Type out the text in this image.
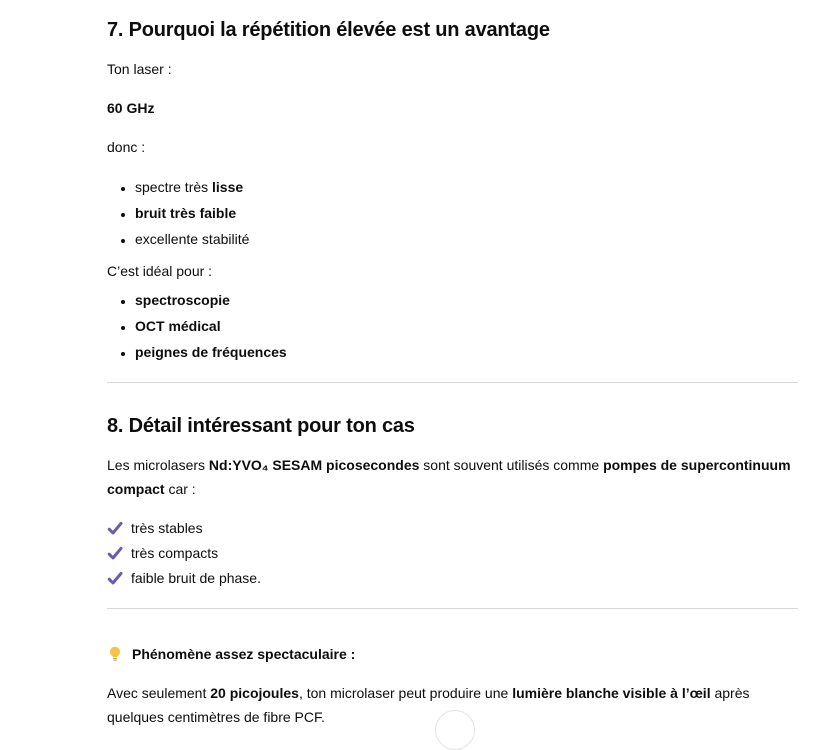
7. Pourquoi la répétition élevée est un avantage

Ton laser :

60 GHz

donc :

• spectre très lisse
• bruit très faible
• excellente stabilité

C’est idéal pour :

• spectroscopie
• OCT médical
• peignes de fréquences
8. Détail intéressant pour ton cas

Les microlasers Nd:YVO₄ SESAM picosecondes sont souvent utilisés comme pompes de supercontinuum compact car :

très stables
très compacts
faible bruit de phase.

Phénomène assez spectaculaire :

Avec seulement 20 picojoules, ton microlaser peut produire une lumière blanche visible à l’œil après quelques centimètres de fibre PCF.
